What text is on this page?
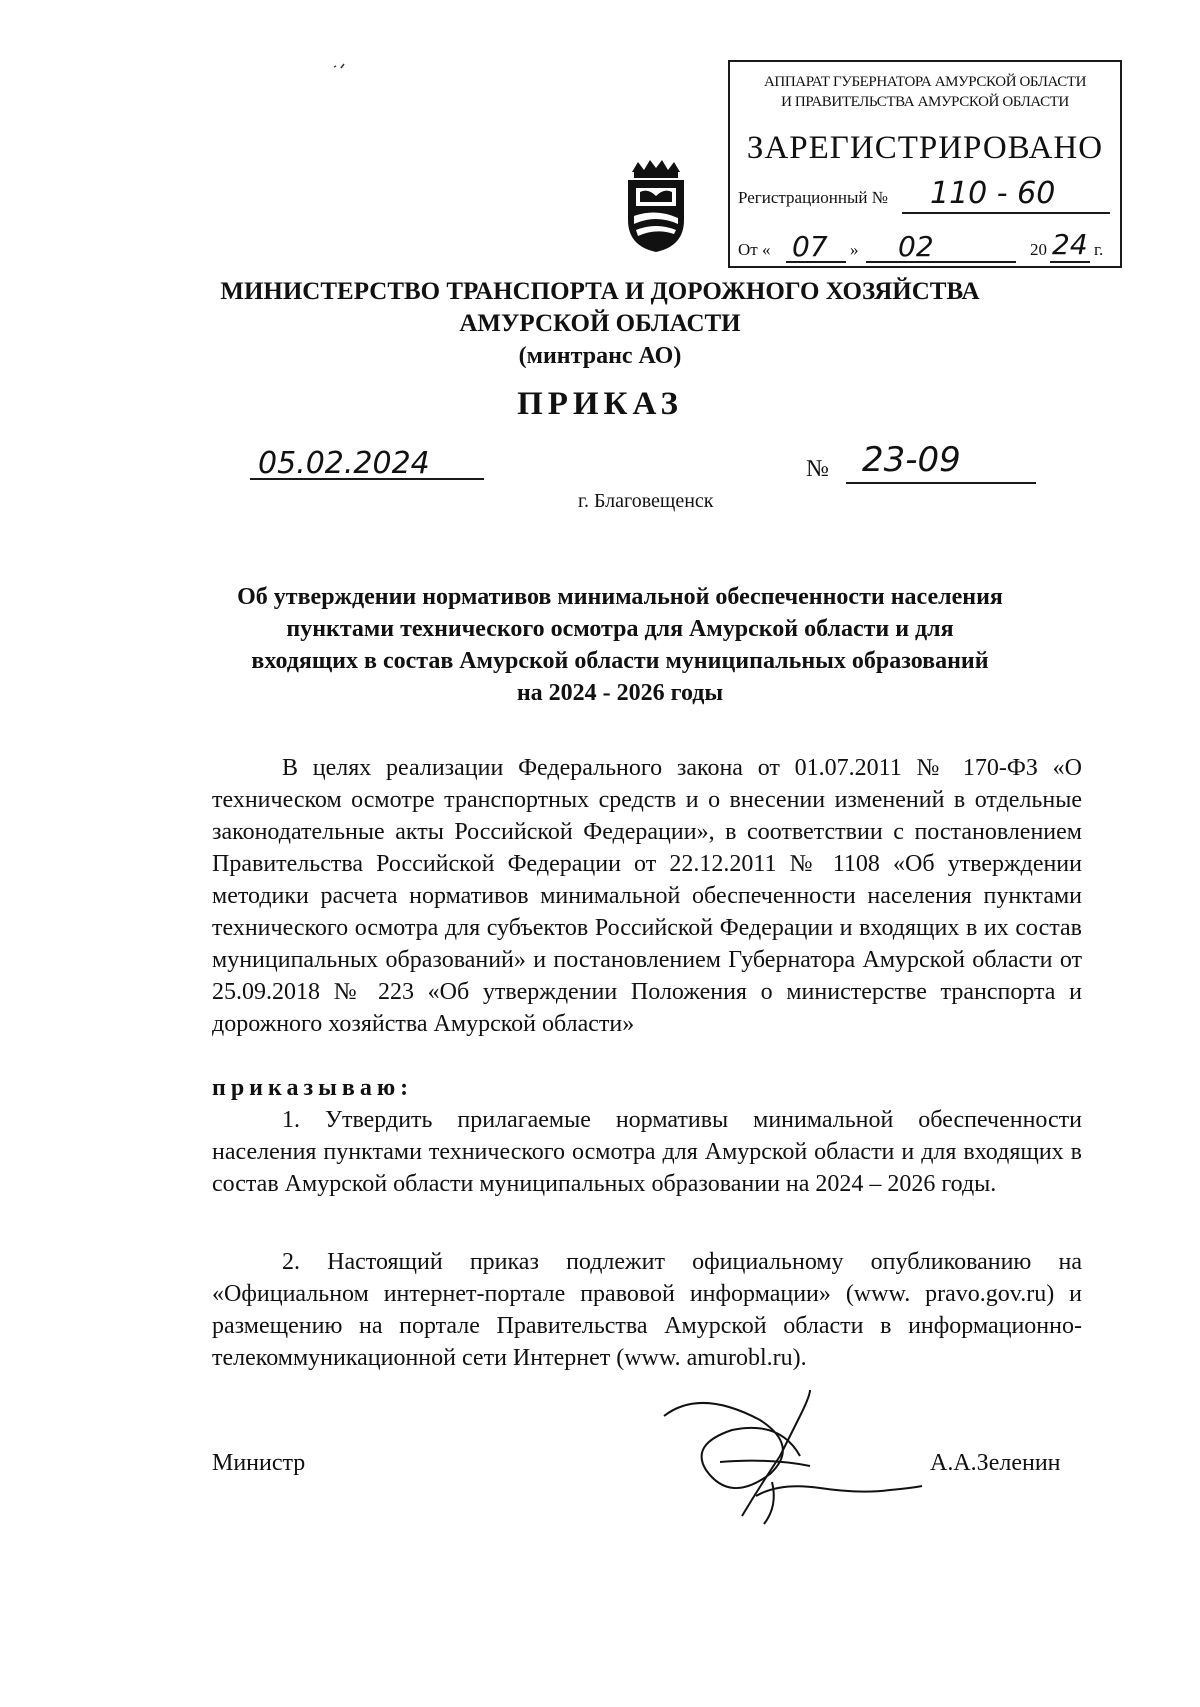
АППАРАТ ГУБЕРНАТОРА АМУРСКОЙ ОБЛАСТИ
И ПРАВИТЕЛЬСТВА АМУРСКОЙ ОБЛАСТИ
ЗАРЕГИСТРИРОВАНО
Регистрационный № 110 - 60
От « 07 » 02	20 24 г.
МИНИСТЕРСТВО ТРАНСПОРТА И ДОРОЖНОГО ХОЗЯЙСТВА
АМУРСКОЙ ОБЛАСТИ
(минтранс АО)
ПРИКАЗ
05.02.2024	№ 23-09
г. Благовещенск
Об утверждении нормативов минимальной обеспеченности населения
пунктами технического осмотра для Амурской области и для
входящих в состав Амурской области муниципальных образований
на 2024 - 2026 годы
В целях реализации Федерального закона от 01.07.2011 № 170-ФЗ «О техническом осмотре транспортных средств и о внесении изменений в отдельные законодательные акты Российской Федерации», в соответствии с постановлением Правительства Российской Федерации от 22.12.2011 № 1108 «Об утверждении методики расчета нормативов минимальной обеспеченности населения пунктами технического осмотра для субъектов Российской Федерации и входящих в их состав муниципальных образований» и постановлением Губернатора Амурской области от 25.09.2018 № 223 «Об утверждении Положения о министерстве транспорта и дорожного хозяйства Амурской области»
приказываю:
1. Утвердить прилагаемые нормативы минимальной обеспеченности населения пунктами технического осмотра для Амурской области и для входящих в состав Амурской области муниципальных образовании на 2024 – 2026 годы.
2. Настоящий приказ подлежит официальному опубликованию на «Официальном интернет-портале правовой информации» (www. pravo.gov.ru) и размещению на портале Правительства Амурской области в информационно-телекоммуникационной сети Интернет (www. amurobl.ru).
Министр	А.А.Зеленин
